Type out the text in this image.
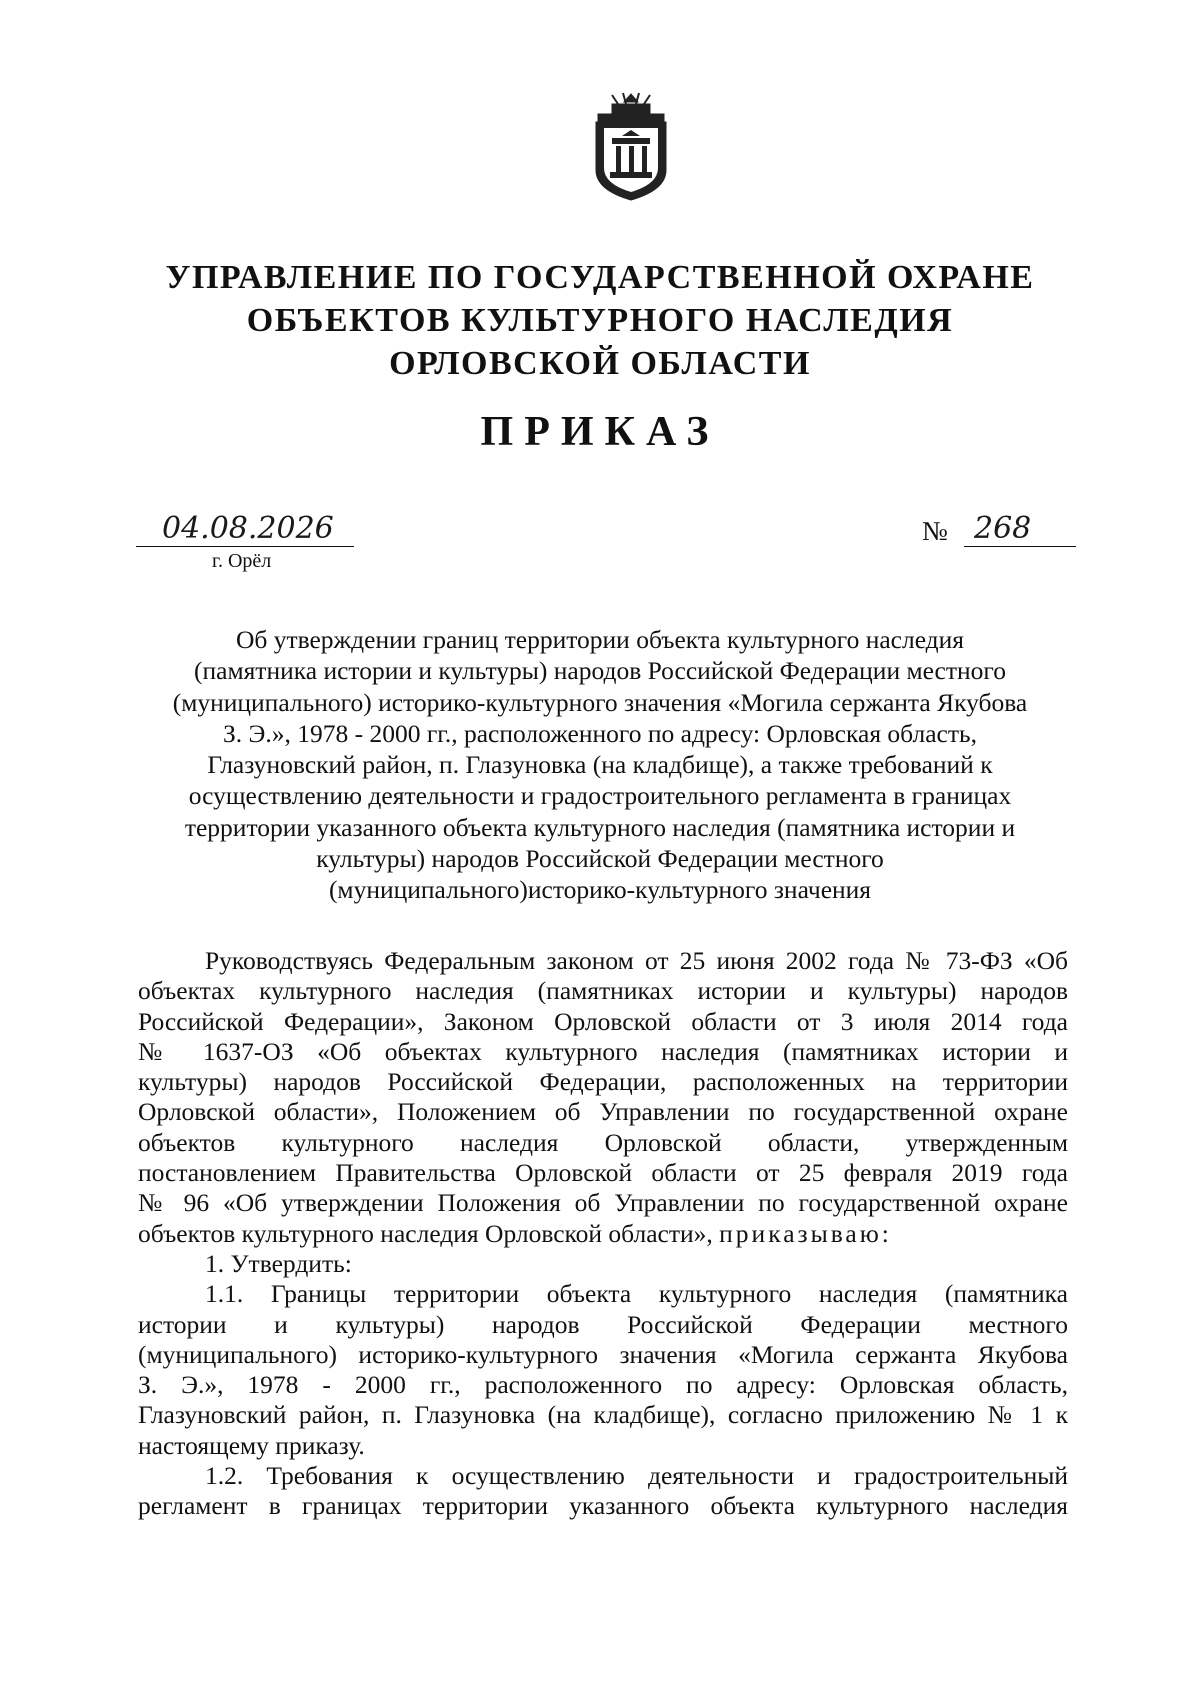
УПРАВЛЕНИЕ ПО ГОСУДАРСТВЕННОЙ ОХРАНЕ
ОБЪЕКТОВ КУЛЬТУРНОГО НАСЛЕДИЯ
ОРЛОВСКОЙ ОБЛАСТИ
ПРИКАЗ
04.08.2026
г. Орёл
№ 268
Об утверждении границ территории объекта культурного наследия
(памятника истории и культуры) народов Российской Федерации местного
(муниципального) историко-культурного значения «Могила сержанта Якубова
З. Э.», 1978 - 2000 гг., расположенного по адресу: Орловская область,
Глазуновский район, п. Глазуновка (на кладбище), а также требований к
осуществлению деятельности и градостроительного регламента в границах
территории указанного объекта культурного наследия (памятника истории и
культуры) народов Российской Федерации местного
(муниципального)историко-культурного значения
Руководствуясь Федеральным законом от 25 июня 2002 года № 73-ФЗ «Об
объектах культурного наследия (памятниках истории и культуры) народов
Российской Федерации», Законом Орловской области от 3 июля 2014 года
№ 1637-ОЗ «Об объектах культурного наследия (памятниках истории и
культуры) народов Российской Федерации, расположенных на территории
Орловской области», Положением об Управлении по государственной охране
объектов культурного наследия Орловской области, утвержденным
постановлением Правительства Орловской области от 25 февраля 2019 года
№ 96 «Об утверждении Положения об Управлении по государственной охране
объектов культурного наследия Орловской области», приказываю:
1. Утвердить:
1.1. Границы территории объекта культурного наследия (памятника
истории и культуры) народов Российской Федерации местного
(муниципального) историко-культурного значения «Могила сержанта Якубова
З. Э.», 1978 - 2000 гг., расположенного по адресу: Орловская область,
Глазуновский район, п. Глазуновка (на кладбище), согласно приложению № 1 к
настоящему приказу.
1.2. Требования к осуществлению деятельности и градостроительный
регламент в границах территории указанного объекта культурного наследия
